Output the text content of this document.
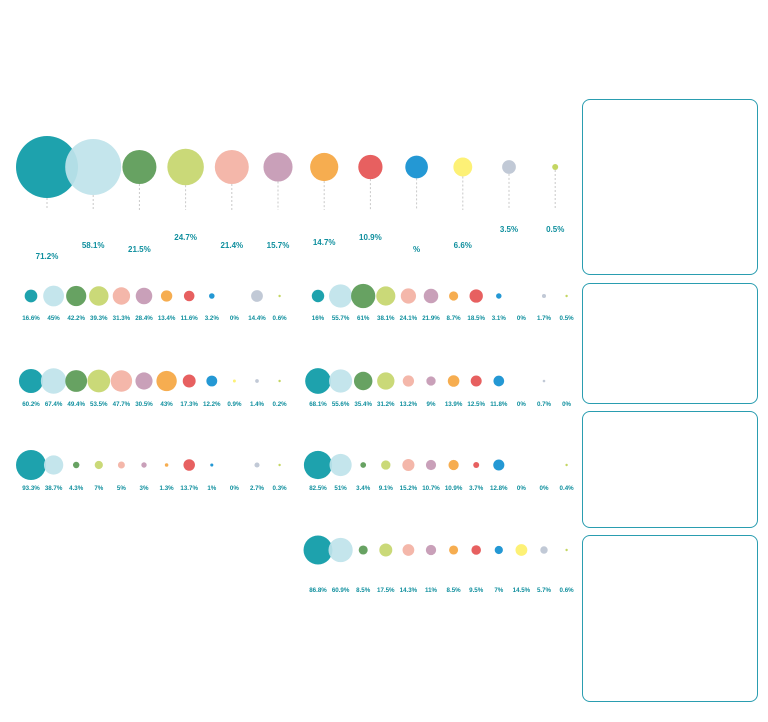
71.2%
58.1%	21.5%
24.7%
21.4%	15.7%	14.7%
10.9%
%	6.6%
3.5%	0.5%
16.6% 45% 42.2% 39.3% 31.3% 28.4% 13.4% 11.6% 3.2% 0% 14.4% 0.6%	16% 55.7% 61% 38.1% 24.1% 21.9% 8.7% 18.5% 3.1% 0% 1.7% 0.5%
60.2% 67.4% 49.4% 53.5% 47.7% 30.5% 43% 17.3% 12.2% 0.9% 1.4% 0.2%	68.1% 55.6% 35.4% 31.2% 13.2% 9% 13.9% 12.5% 11.8% 0% 0.7% 0%
93.3% 38.7% 4.3% 7% 5% 3% 1.3% 13.7% 1% 0% 2.7% 0.3%	82.5% 51% 3.4% 9.1% 15.2% 10.7% 10.9% 3.7% 12.8% 0% 0% 0.4%
86.8% 60.9% 8.5% 17.5% 14.3% 11% 8.5% 9.5% 7% 14.5% 5.7% 0.6%
